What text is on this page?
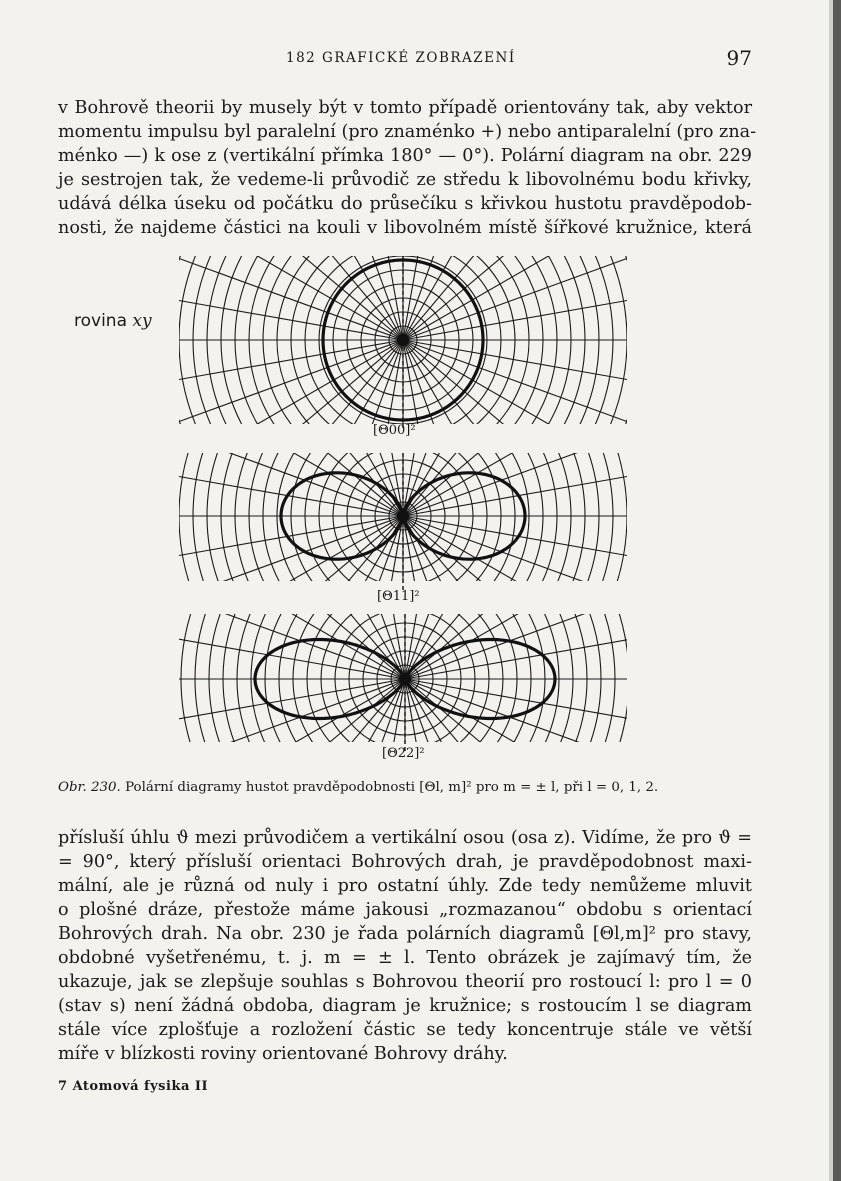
182 GRAFICKÉ ZOBRAZENÍ	97

v Bohrově theorii by musely být v tomto případě orientovány tak, aby vektor
momentu impulsu byl paralelní (pro znaménko +) nebo antiparalelní (pro zna-
ménko —) k ose z (vertikální přímka 180° — 0°). Polární diagram na obr. 229
je sestrojen tak, že vedeme-li průvodič ze středu k libovolnému bodu křivky,
udává délka úseku od počátku do průsečíku s křivkou hustotu pravděpodob-
nosti, že najdeme částici na kouli v libovolném místě šířkové kružnice, která

rovina xy
[Θ00]²
[Θ11]²
[Θ22]²
Obr. 230. Polární diagramy hustot pravděpodobnosti [Θl, m]² pro m = ± l, při l = 0, 1, 2.

přísluší úhlu ϑ mezi průvodičem a vertikální osou (osa z). Vidíme, že pro ϑ =
= 90°, který přísluší orientaci Bohrových drah, je pravděpodobnost maxi-
mální, ale je různá od nuly i pro ostatní úhly. Zde tedy nemůžeme mluvit
o plošné dráze, přestože máme jakousi „rozmazanou“ obdobu s orientací
Bohrových drah. Na obr. 230 je řada polárních diagramů [Θl,m]² pro stavy,
obdobné vyšetřenému, t. j. m = ± l. Tento obrázek je zajímavý tím, že
ukazuje, jak se zlepšuje souhlas s Bohrovou theorií pro rostoucí l: pro l = 0
(stav s) není žádná obdoba, diagram je kružnice; s rostoucím l se diagram
stále více zplošťuje a rozložení částic se tedy koncentruje stále ve větší
míře v blízkosti roviny orientované Bohrovy dráhy.

7 Atomová fysika II
